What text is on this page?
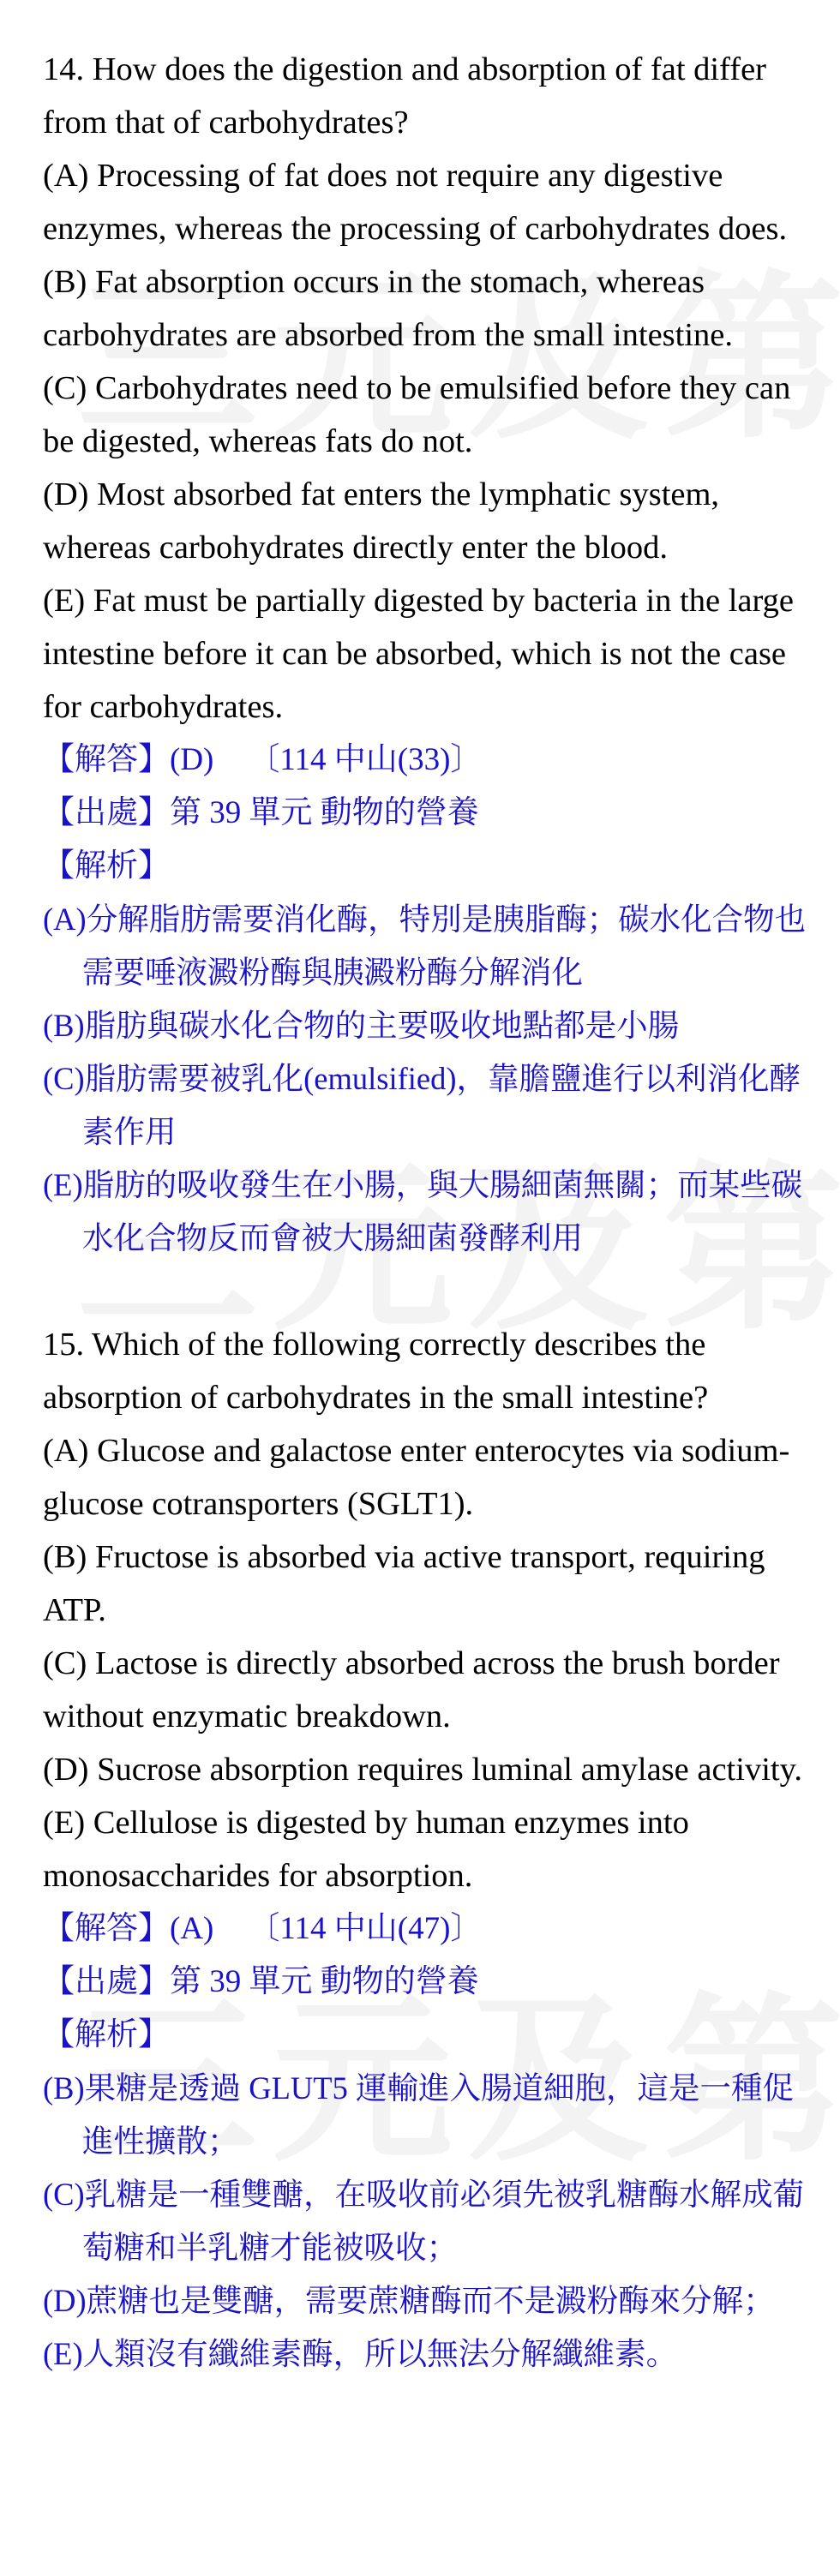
14. How does the digestion and absorption of fat differ from that of carbohydrates?

(A) Processing of fat does not require any digestive enzymes, whereas the processing of carbohydrates does.

(B) Fat absorption occurs in the stomach, whereas carbohydrates are absorbed from the small intestine.

(C) Carbohydrates need to be emulsified before they can be digested, whereas fats do not.

(D) Most absorbed fat enters the lymphatic system, whereas carbohydrates directly enter the blood.

(E) Fat must be partially digested by bacteria in the large intestine before it can be absorbed, which is not the case for carbohydrates.

【解答】(D) 〔114 中山(33)〕

【出處】第 39 單元 動物的營養

【解析】

(A)分解脂肪需要消化酶，特別是胰脂酶；碳水化合物也需要唾液澱粉酶與胰澱粉酶分解消化

(B)脂肪與碳水化合物的主要吸收地點都是小腸

(C)脂肪需要被乳化(emulsified)，靠膽鹽進行以利消化酵素作用

(E)脂肪的吸收發生在小腸，與大腸細菌無關；而某些碳水化合物反而會被大腸細菌發酵利用

15. Which of the following correctly describes the absorption of carbohydrates in the small intestine?

(A) Glucose and galactose enter enterocytes via sodium-glucose cotransporters (SGLT1).

(B) Fructose is absorbed via active transport, requiring ATP.

(C) Lactose is directly absorbed across the brush border without enzymatic breakdown.

(D) Sucrose absorption requires luminal amylase activity.

(E) Cellulose is digested by human enzymes into monosaccharides for absorption.

【解答】(A) 〔114 中山(47)〕

【出處】第 39 單元 動物的營養

【解析】

(B)果糖是透過 GLUT5 運輸進入腸道細胞，這是一種促進性擴散；

(C)乳糖是一種雙醣，在吸收前必須先被乳糖酶水解成葡萄糖和半乳糖才能被吸收；

(D)蔗糖也是雙醣，需要蔗糖酶而不是澱粉酶來分解；

(E)人類沒有纖維素酶，所以無法分解纖維素。
